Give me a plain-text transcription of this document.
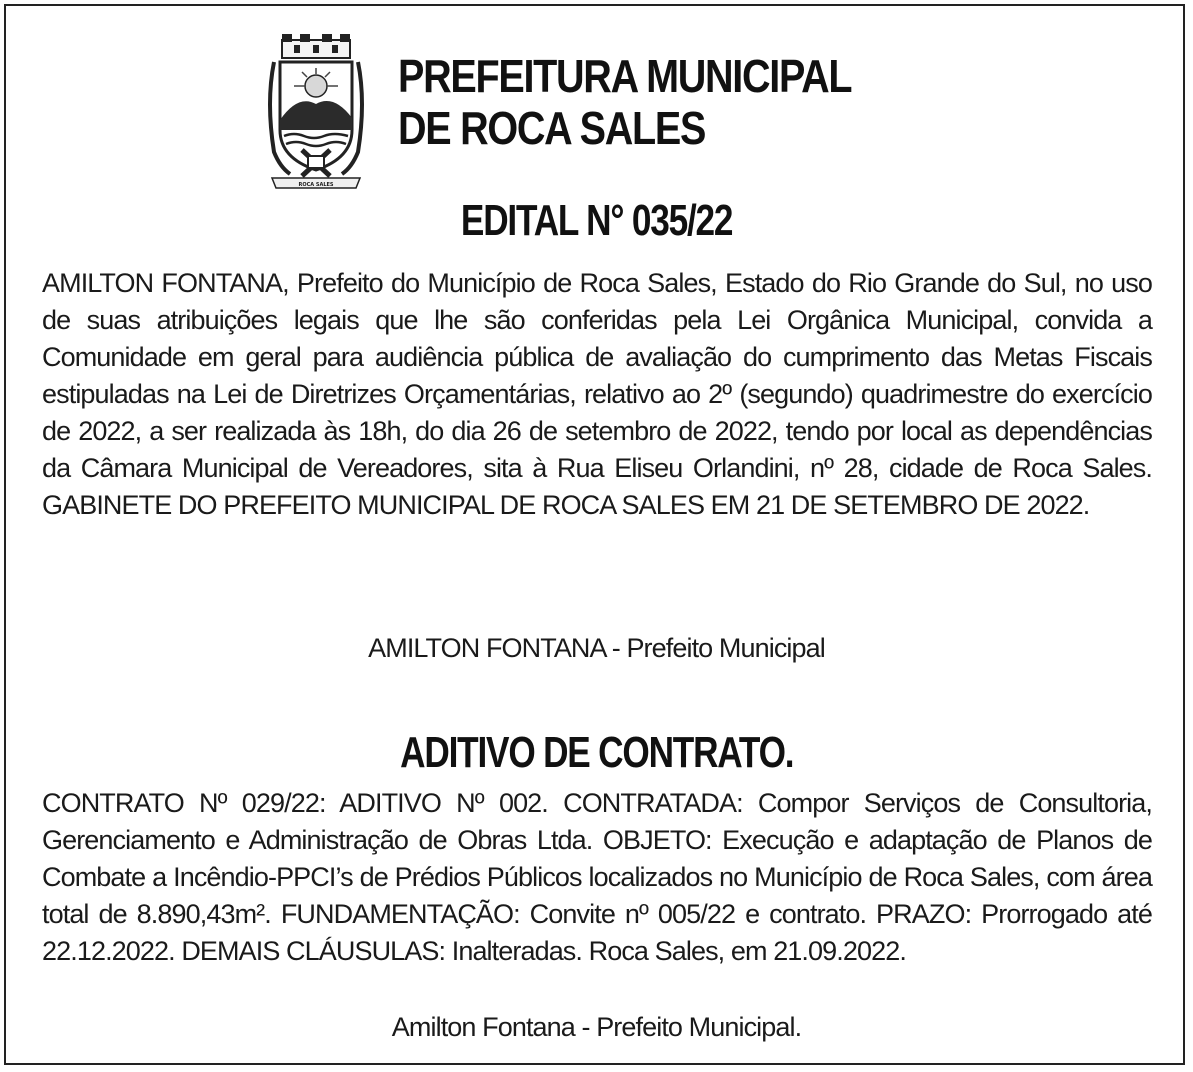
ROCA SALES
PREFEITURA MUNICIPAL
DE ROCA SALES
EDITAL N° 035/22

AMILTON FONTANA, Prefeito do Município de Roca Sales, Estado do Rio Grande do Sul, no uso de suas atribuições legais que lhe são conferidas pela Lei Orgânica Municipal, convida a Comunidade em geral para audiência pública de avaliação do cumprimento das Metas Fiscais estipuladas na Lei de Diretrizes Orçamentárias, relativo ao 2º (segundo) quadrimestre do exercício de 2022, a ser realizada às 18h, do dia 26 de setembro de 2022, tendo por local as dependências da Câmara Municipal de Vereadores, sita à Rua Eliseu Orlandini, nº 28, cidade de Roca Sales. GABINETE DO PREFEITO MUNICIPAL DE ROCA SALES EM 21 DE SETEMBRO DE 2022.

AMILTON FONTANA - Prefeito Municipal

ADITIVO DE CONTRATO.

CONTRATO Nº 029/22: ADITIVO Nº 002. CONTRATADA: Compor Serviços de Consultoria, Gerenciamento e Administração de Obras Ltda. OBJETO: Execução e adaptação de Planos de Combate a Incêndio-PPCI’s de Prédios Públicos localizados no Município de Roca Sales, com área total de 8.890,43m². FUNDAMENTAÇÃO: Convite nº 005/22 e contrato. PRAZO: Prorrogado até 22.12.2022. DEMAIS CLÁUSULAS: Inalteradas. Roca Sales, em 21.09.2022.

Amilton Fontana - Prefeito Municipal.
